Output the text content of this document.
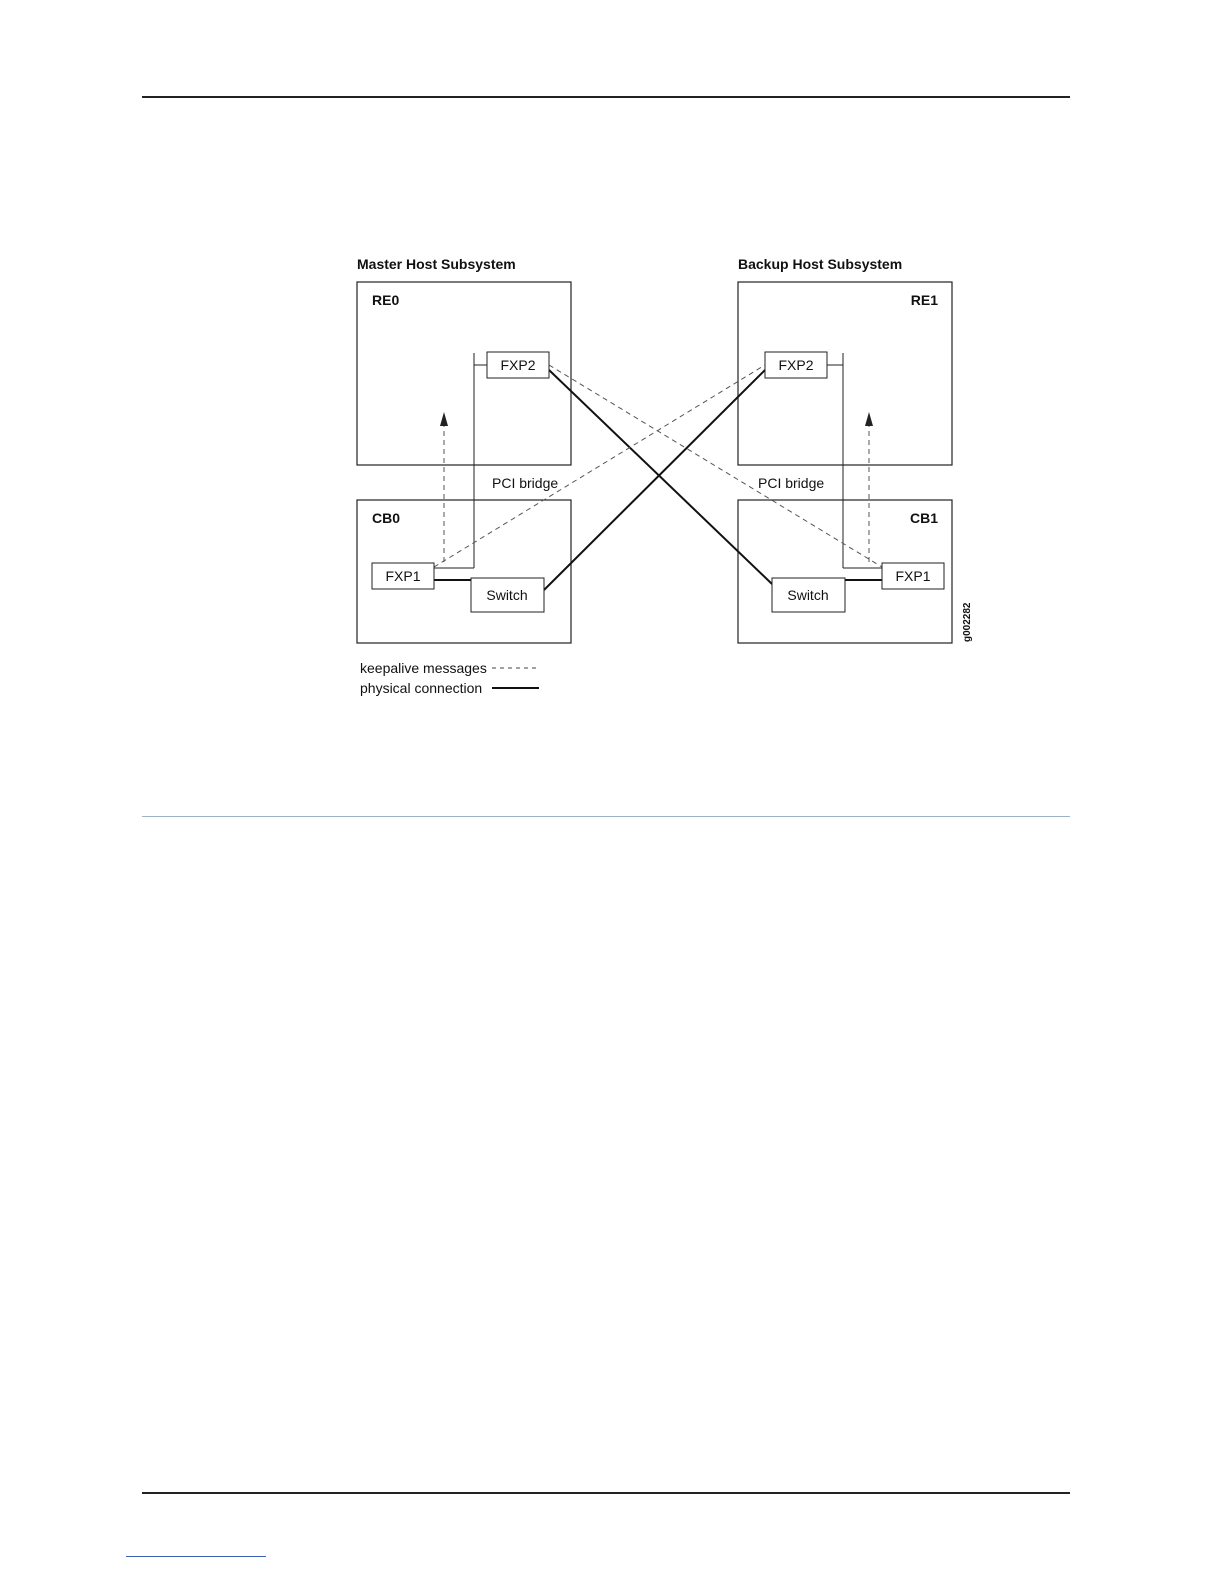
Master Host Subsystem	Backup Host Subsystem
RE0	RE1
CB0	CB1
PCI bridge	PCI bridge
FXP2	FXP2
FXP1	FXP1
Switch	Switch
g002282
keepalive messages
physical connection
